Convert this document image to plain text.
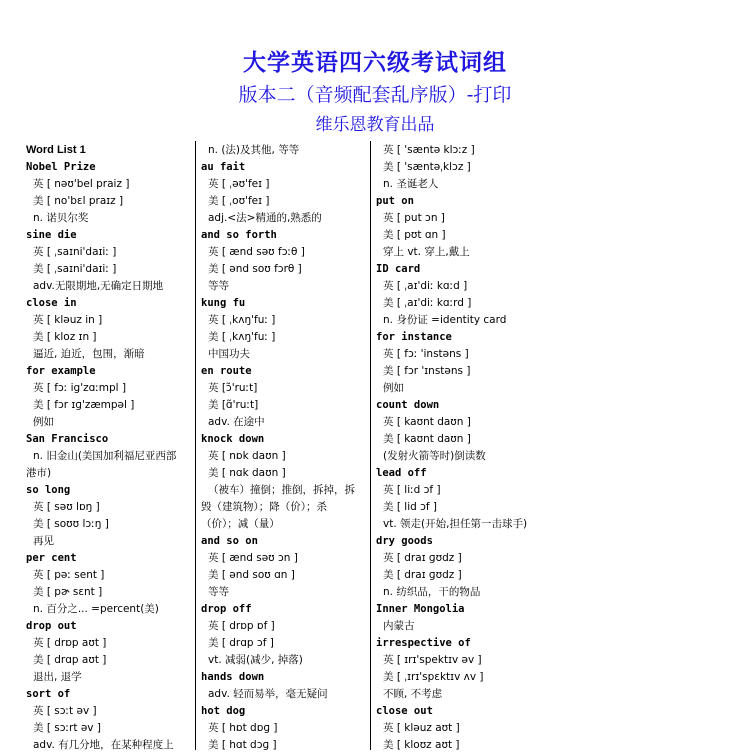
大学英语四六级考试词组
版本二（音频配套乱序版）-打印
维乐恩教育出品
Word List 1
Nobel Prize
英 [ nəʊ'bel praiz ]
美 [ no'bɛl praɪz ]
n. 诺贝尔奖
sine die
英 [ ˌsaɪni'daɪiː ]
美 [ ˌsaɪni'daɪiː ]
adv.无限期地,无确定日期地
close in
英 [ kləuz in ]
美 [ kloz ɪn ]
逼近, 迫近，包围，渐暗
for example
英 [ fɔː ig'zɑːmpl ]
美 [ fɔr ɪɡ'zæmpəl ]
例如
San Francisco
n. 旧金山(美国加利福尼亚西部
港市)
so long
英 [ səʊ lɒŋ ]
美 [ soʊʊ lɔːŋ ]
再见
per cent
英 [ pəː sent ]
美 [ pɚ sɛnt ]
n. 百分之... =percent(美)
drop out
英 [ drɒp aʊt ]
美 [ drɑp aʊt ]
退出, 退学
sort of
英 [ sɔːt əv ]
美 [ sɔːrt əv ]
adv. 有几分地，在某种程度上
n. (法)及其他, 等等
au fait
英 [ ˌəʊ'feɪ ]
美 [ ˌoʊ'feɪ ]
adj.<法>精通的,熟悉的
and so forth
英 [ ænd səʊ fɔːθ ]
美 [ ənd soʊ fɔrθ ]
等等
kung fu
英 [ ˌkʌŋ'fuː ]
美 [ ˌkʌŋ'fuː ]
中国功夫
en route
英 [ɔ̃'ruːt]
美 [ɑ̃'ruːt]
adv. 在途中
knock down
英 [ nɒk daʊn ]
美 [ nɑk daʊn ]
（被车）撞倒；推倒，拆掉，拆
毁（建筑物）；降（价）；杀
（价）；减（量）
and so on
英 [ ænd səʊ ɔn ]
美 [ ənd soʊ ɑn ]
等等
drop off
英 [ drɒp ɒf ]
美 [ drɑp ɔf ]
vt. 减弱(减少, 掉落)
hands down
adv. 轻而易举，毫无疑问
hot dog
英 [ hɒt dɒɡ ]
美 [ hɑt dɔɡ ]
英 [ 'sæntə klɔːz ]
美 [ 'sæntəˌklɔz ]
n. 圣诞老人
put on
英 [ put ɔn ]
美 [ pʊt ɑn ]
穿上 vt. 穿上,戴上
ID card
英 [ ˌaɪ'diː kɑːd ]
美 [ ˌaɪ'diː kɑːrd ]
n. 身份证 =identity card
for instance
英 [ fɔː 'instəns ]
美 [ fɔr 'ɪnstəns ]
例如
count down
英 [ kaʊnt daʊn ]
美 [ kaʊnt daʊn ]
(发射火箭等时)倒读数
lead off
英 [ liːd ɔf ]
美 [ lid ɔf ]
vt. 领走(开始,担任第一击球手)
dry goods
英 [ draɪ ɡʊdz ]
美 [ draɪ ɡʊdz ]
n. 纺织品，干的物品
Inner Mongolia
内蒙古
irrespective of
英 [ ɪrɪ'spektɪv əv ]
美 [ ˌɪrɪ'spɛktɪv ʌv ]
不顾, 不考虑
close out
英 [ kləuz aʊt ]
美 [ kloʊz aʊt ]
